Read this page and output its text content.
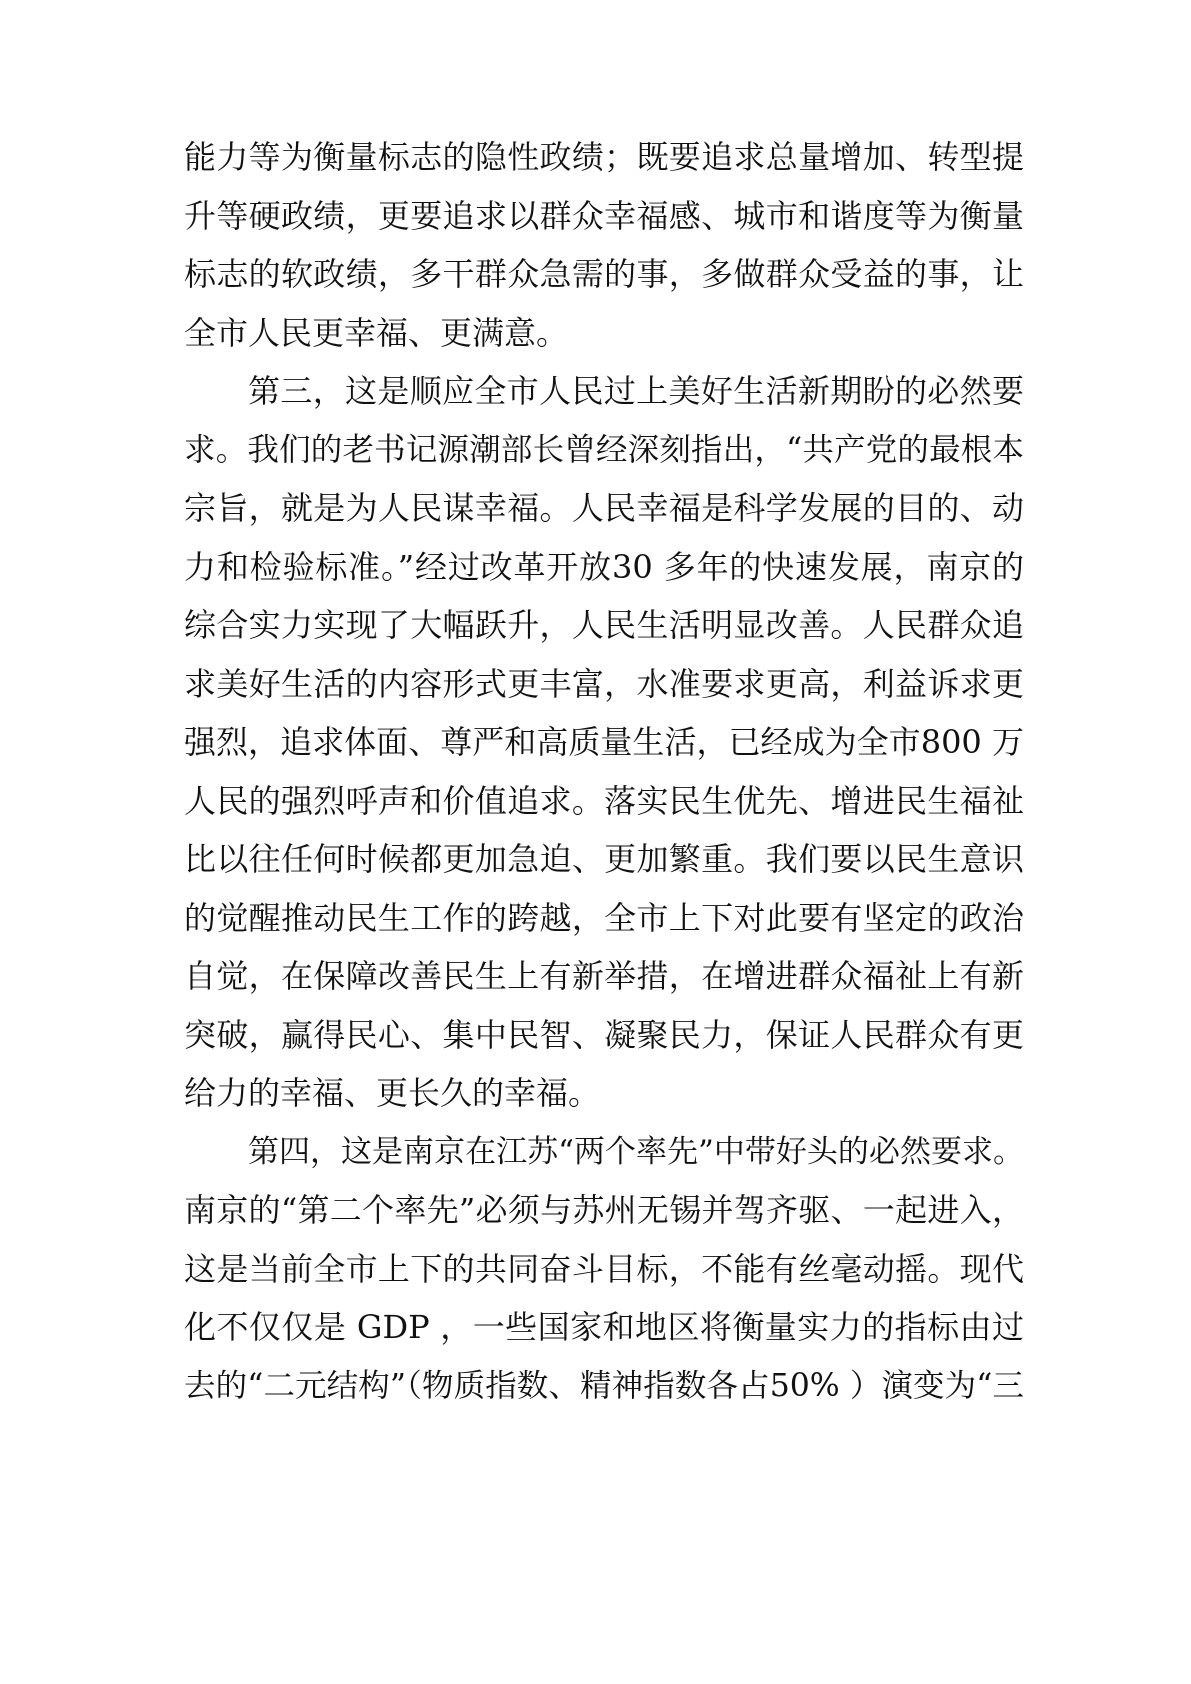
能力等为衡量标志的隐性政绩；既要追求总量增加、转型提
升等硬政绩，更要追求以群众幸福感、城市和谐度等为衡量
标志的软政绩，多干群众急需的事，多做群众受益的事，让
全市人民更幸福、更满意。
第三，这是顺应全市人民过上美好生活新期盼的必然要
求。我们的老书记源潮部长曾经深刻指出，“共产党的最根本
宗旨，就是为人民谋幸福。人民幸福是科学发展的目的、动
力和检验标准。”经过改革开放30 多年的快速发展，南京的
综合实力实现了大幅跃升，人民生活明显改善。人民群众追
求美好生活的内容形式更丰富，水准要求更高，利益诉求更
强烈，追求体面、尊严和高质量生活，已经成为全市800 万
人民的强烈呼声和价值追求。落实民生优先、增进民生福祉
比以往任何时候都更加急迫、更加繁重。我们要以民生意识
的觉醒推动民生工作的跨越，全市上下对此要有坚定的政治
自觉，在保障改善民生上有新举措，在增进群众福祉上有新
突破，赢得民心、集中民智、凝聚民力，保证人民群众有更
给力的幸福、更长久的幸福。
第四，这是南京在江苏“两个率先”中带好头的必然要求。
南京的“第二个率先”必须与苏州无锡并驾齐驱、一起进入，
这是当前全市上下的共同奋斗目标，不能有丝毫动摇。现代
化不仅仅是 GDP ，一些国家和地区将衡量实力的指标由过
去的“二元结构”（物质指数、精神指数各占50% ）演变为“三
